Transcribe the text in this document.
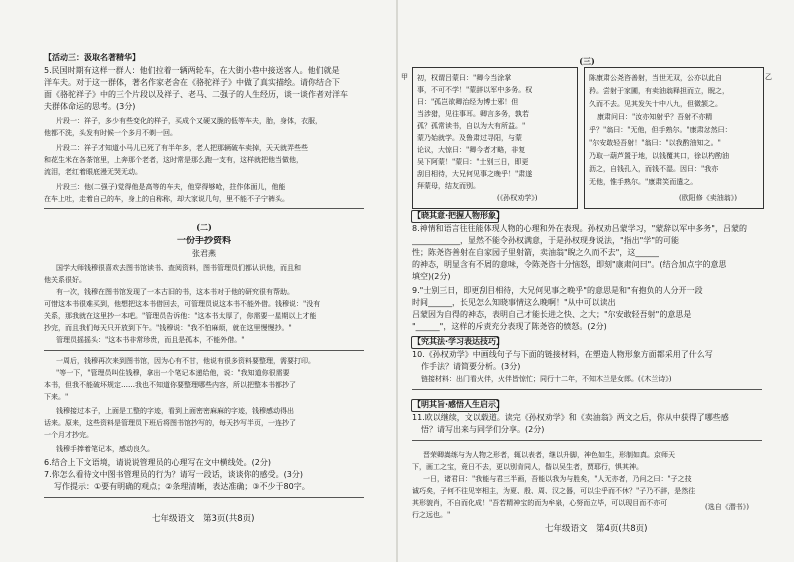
【活动三：汲取名著精华】
5.民国时期有这样一群人：他们拉着一辆两轮车，在大街小巷中接送客人。他们就是
洋车夫。对于这一群体，著名作家老舍在《骆驼祥子》中做了真实描绘。请你结合下
面《骆驼祥子》中的三个片段以及祥子、老马、二强子的人生经历，谈一谈作者对洋车
夫群体命运的思考。(3分)
片段一：祥子，多少有些变化的样子，买成个又硬又脆的低等车夫，胎，身体，衣服，
他都不洗，头发有时候一个多月不剃一回。
片段二：祥子才知道小马儿已死了有半年多，老人把那辆破车卖掉，天天就弄些些
和花生米在各茶馆里，上奔那个老者，这时常是那么跑一支有，这样就把他当做他，
流泪，老红着眼底漫无哭无动。
片段三：他(二强子)觉得他是高等的车夫，他穿得够呛，拄作体面儿，他能
在车上吐，走着自己的车，身上的自称称，却大家说几句，里不能不子宁裤头。
(二)
一份手抄资料
张君燕
国学大师钱穆很喜欢去图书馆读书、查阅资料，图书管理员们都认识他，而且和
他关系很好。
有一次，钱穆在图书馆发现了一本古旧的书，这本书对于他的研究很有帮助。
可惜这本书很难买到，他想把这本书借回去，可管理员说这本书不能外借。钱穆说："没有
关系，那我就在这里抄一本吧。"管理员告诉他："这本书太厚了，你需要一星期以上才能
抄完，而且我们每天只开放到下午。"钱穆说："我不怕麻烦，就在这里慢慢抄。"
管理员摇摇头："这本书非常珍贵，而且是孤本，不能外借。"
一周后，钱穆再次来到图书馆，因为心有不甘，他说有很多资料要整理，需要打印。
"等一下，"管理员叫住钱穆，拿出一个笔记本递给他，说："我知道你很需要
本书，但我不能破坏规定……我也不知道你要整理哪些内容，所以把整本书都抄了
下来。"
钱穆接过本子，上面是工整的字迹，看到上面密密麻麻的字迹，钱穆感动得出
话来。原来，这些资料是管理员下班后将图书馆抄写的，每天抄写半页，一连抄了
一个月才抄完。
钱穆手捧着笔记本，感动良久。
6.结合上下文语境，请说说管理员的心理写在文中横线处。(2分)
7.你怎么看待文中图书管理员的行为？请写一段话，谈谈你的感受。(3分)
写作提示：①要有明确的观点；②条理清晰，表达准确；③不少于80字。
七年级语文　第3页(共8页)
(三)
甲 初，权谓吕蒙曰："卿今当涂掌
事，不可不学！"蒙辞以军中多务。权
曰："孤岂欲卿治经为博士邪！但
当涉猎，见往事耳。卿言多务，孰若
孤？孤常读书，自以为大有所益。"
蒙乃始就学。及鲁肃过寻阳，与蒙
论议，大惊曰："卿今者才略，非复
吴下阿蒙！"蒙曰："士别三日，即更
刮目相待，大兄何见事之晚乎！"肃遂
拜蒙母，结友而别。
(《孙权劝学》)
乙
陈康肃公尧咨善射，当世无双，公亦以此自
矜。尝射于家圃，有卖油翁释担而立，睨之，
久而不去。见其发矢十中八九，但微颔之。
康肃问曰："汝亦知射乎？吾射不亦精
乎？"翁曰："无他，但手熟尔。"康肃忿然曰：
"尔安敢轻吾射！"翁曰："以我酌油知之。"
乃取一葫芦置于地，以钱覆其口，徐以杓酌油
沥之，自钱孔入，而钱不湿。因曰："我亦
无他，惟手熟尔。"康肃笑而遣之。
(欧阳修《卖油翁》)
【晓其意·把握人物形象】
8.神情和语言往往能体现人物的心理和外在表现。孙权劝吕蒙学习，"蒙辞以军中多务"，吕蒙的
____________，显然不能令孙权满意，于是孙权现身说法，"指出"学"的可能
性；陈尧咨善射在自家园子里射箭，卖油翁"睨之久而不去"，这______
的神态，明显含有不屑的意味，令陈尧咨十分恼怒，即刻"康肃问曰"。(结合加点字的意思
填空)(2分)
9."士别三日，即更刮目相待，大兄何见事之晚乎"的意思是和"有抱负的人分开一段
时间______，长见怎么知晓事情这么晚啊！"从中可以读出
吕蒙因为自得的神态，表明自己才能长进之快、之大；"尔安敢轻吾射"的意思是
"______"，这样的斥责充分表现了陈尧咨的愤怒。(2分)
【究其法·学习表达技巧】
10.《孙权劝学》中画线句子与下面的链接材料，在塑造人物形象方面都采用了什么写
作手法？请简要分析。(3分)
链接材料：出门看火伴，火伴皆惊忙；同行十二年，不知木兰是女郎。(《木兰诗》)
【明其旨·感悟人生启示】
11.欧以继续，文以载道。读完《孙权劝学》和《卖油翁》两文之后，你从中获得了哪些感
悟？请写出来与同学们分享。(2分)
晋荣卿嵩练与为人物之形者，辄以表者，继以升脚，神色如生，形制如真。京师天
下，画工之宝，竟日不去，更以别肯同人，偕以吴生者，贾耶行，惧其神。
一日，诸君曰："我能与君三半画，吾能以我为与胜矣，"人无亦者，乃问之曰："子之技
诚巧矣，子何不往见宰相主，为夏、殷、周、汉之器，可以尘乎而不休？"子乃不辞，是然往
其形貌肖，不自而化成！"吾若精神宝的而为牟泉，心努而立毕，可以现目而不亦可
行之远也。"
(选自《潜书》)
七年级语文　第4页(共8页)
